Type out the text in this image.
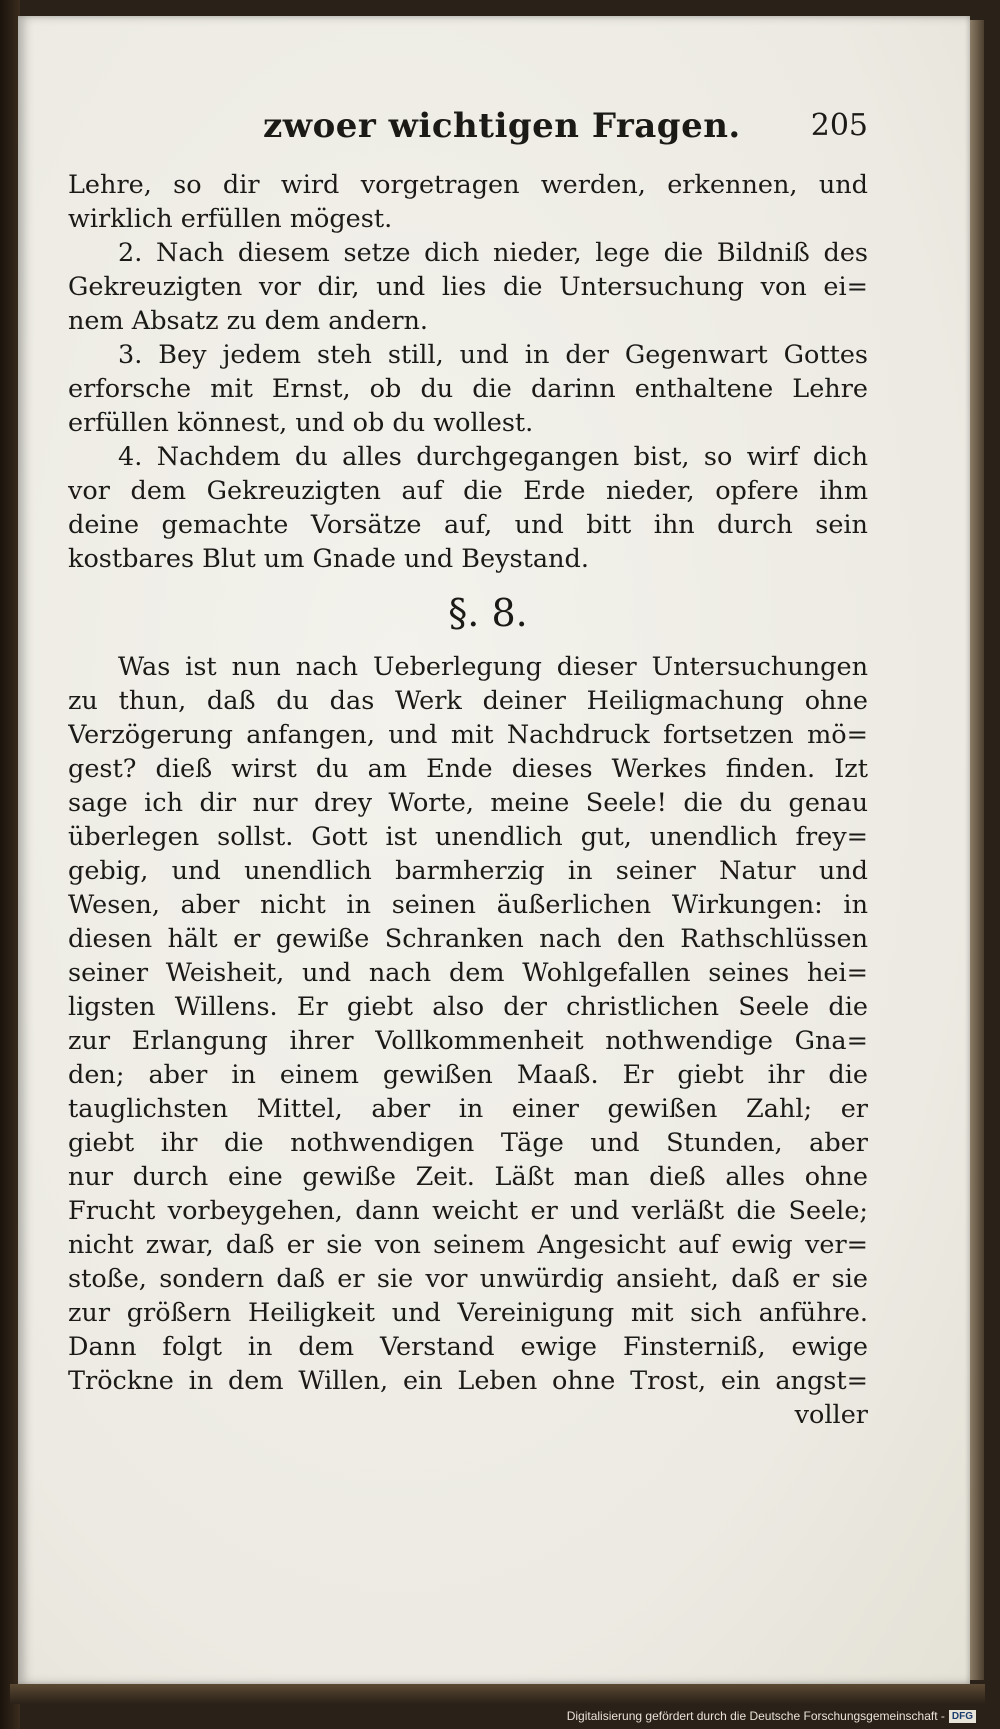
zwoer wichtigen Fragen. 205
Lehre, so dir wird vorgetragen werden, erkennen, und
wirklich erfüllen mögest.
2. Nach diesem setze dich nieder, lege die Bildniß des
Gekreuzigten vor dir, und lies die Untersuchung von ei=
nem Absatz zu dem andern.
3. Bey jedem steh still, und in der Gegenwart Gottes
erforsche mit Ernst, ob du die darinn enthaltene Lehre
erfüllen könnest, und ob du wollest.
4. Nachdem du alles durchgegangen bist, so wirf dich
vor dem Gekreuzigten auf die Erde nieder, opfere ihm
deine gemachte Vorsätze auf, und bitt ihn durch sein
kostbares Blut um Gnade und Beystand.
§. 8.
Was ist nun nach Ueberlegung dieser Untersuchungen
zu thun, daß du das Werk deiner Heiligmachung ohne
Verzögerung anfangen, und mit Nachdruck fortsetzen mö=
gest? dieß wirst du am Ende dieses Werkes finden. Izt
sage ich dir nur drey Worte, meine Seele! die du genau
überlegen sollst. Gott ist unendlich gut, unendlich frey=
gebig, und unendlich barmherzig in seiner Natur und
Wesen, aber nicht in seinen äußerlichen Wirkungen: in
diesen hält er gewiße Schranken nach den Rathschlüssen
seiner Weisheit, und nach dem Wohlgefallen seines hei=
ligsten Willens. Er giebt also der christlichen Seele die
zur Erlangung ihrer Vollkommenheit nothwendige Gna=
den; aber in einem gewißen Maaß. Er giebt ihr die
tauglichsten Mittel, aber in einer gewißen Zahl; er
giebt ihr die nothwendigen Täge und Stunden, aber
nur durch eine gewiße Zeit. Läßt man dieß alles ohne
Frucht vorbeygehen, dann weicht er und verläßt die Seele;
nicht zwar, daß er sie von seinem Angesicht auf ewig ver=
stoße, sondern daß er sie vor unwürdig ansieht, daß er sie
zur größern Heiligkeit und Vereinigung mit sich anführe.
Dann folgt in dem Verstand ewige Finsterniß, ewige
Tröckne in dem Willen, ein Leben ohne Trost, ein angst=
voller
Digitalisierung gefördert durch die Deutsche Forschungsgemeinschaft - DFG
